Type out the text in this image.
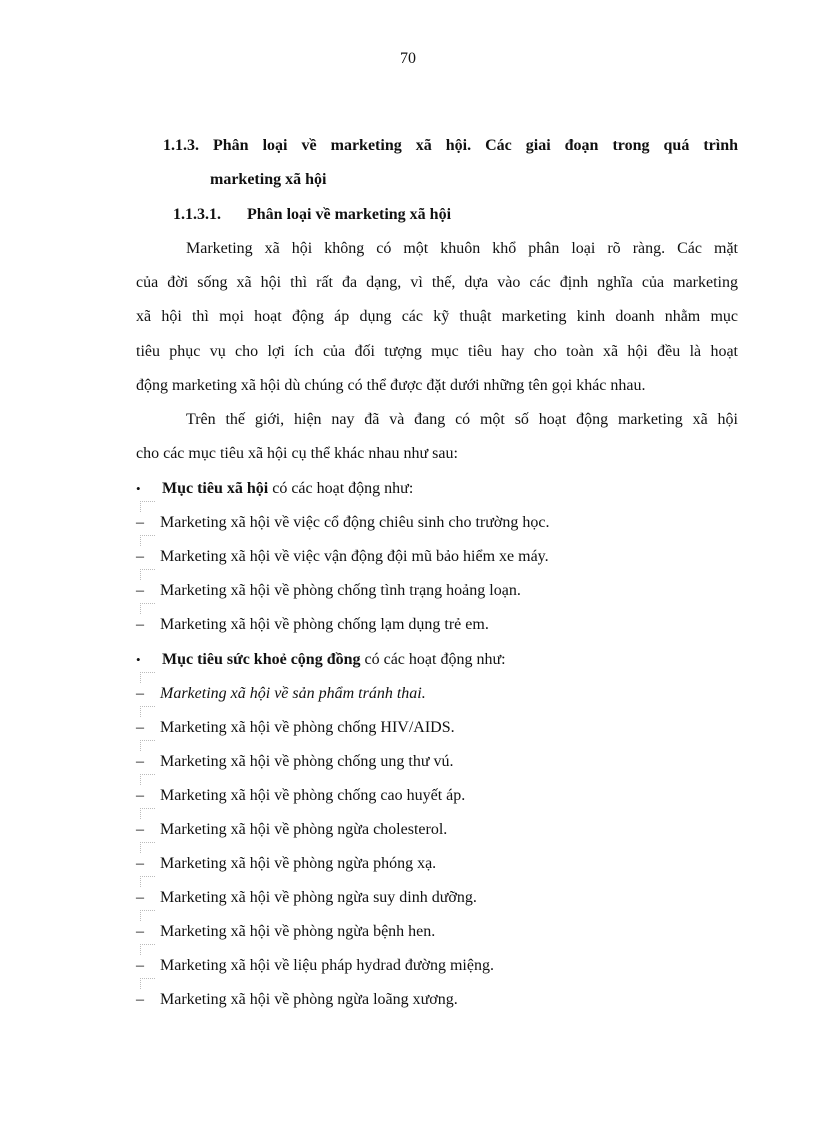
70
1.1.3. Phân loại về marketing xã hội. Các giai đoạn trong quá trình
marketing xã hội
1.1.3.1. Phân loại về marketing xã hội
Marketing xã hội không có một khuôn khổ phân loại rõ ràng. Các mặt
của đời sống xã hội thì rất đa dạng, vì thế, dựa vào các định nghĩa của marketing
xã hội thì mọi hoạt động áp dụng các kỹ thuật marketing kinh doanh nhằm mục
tiêu phục vụ cho lợi ích của đối tượng mục tiêu hay cho toàn xã hội đều là hoạt
động marketing xã hội dù chúng có thể được đặt dưới những tên gọi khác nhau.
Trên thế giới, hiện nay đã và đang có một số hoạt động marketing xã hội
cho các mục tiêu xã hội cụ thể khác nhau như sau:
• Mục tiêu xã hội có các hoạt động như:
– Marketing xã hội về việc cổ động chiêu sinh cho trường học.
– Marketing xã hội về việc vận động đội mũ bảo hiểm xe máy.
– Marketing xã hội về phòng chống tình trạng hoảng loạn.
– Marketing xã hội về phòng chống lạm dụng trẻ em.
• Mục tiêu sức khoẻ cộng đồng có các hoạt động như:
– Marketing xã hội về sản phẩm tránh thai.
– Marketing xã hội về phòng chống HIV/AIDS.
– Marketing xã hội về phòng chống ung thư vú.
– Marketing xã hội về phòng chống cao huyết áp.
– Marketing xã hội về phòng ngừa cholesterol.
– Marketing xã hội về phòng ngừa phóng xạ.
– Marketing xã hội về phòng ngừa suy dinh dưỡng.
– Marketing xã hội về phòng ngừa bệnh hen.
– Marketing xã hội về liệu pháp hydrad đường miệng.
– Marketing xã hội về phòng ngừa loãng xương.
